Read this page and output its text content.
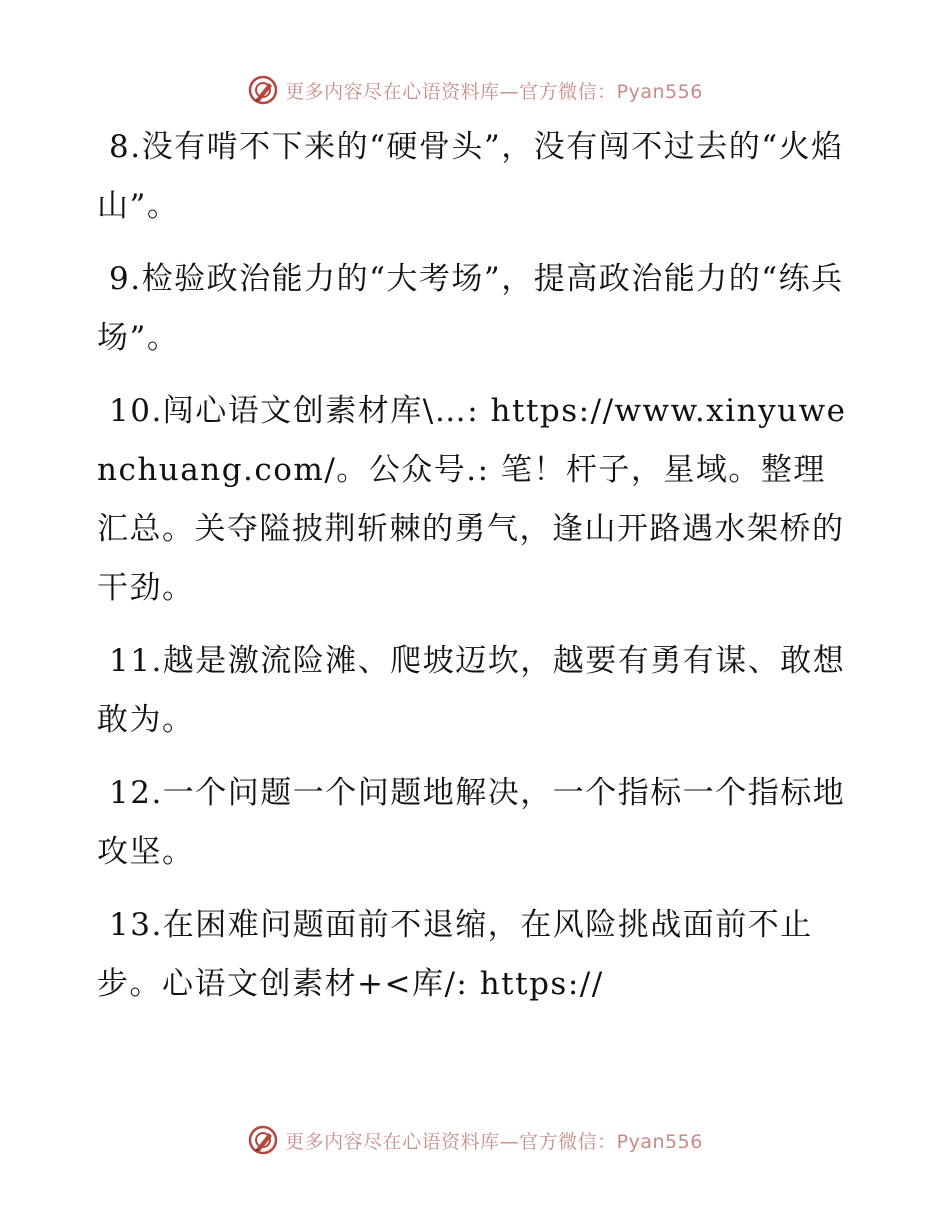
更多内容尽在心语资料库—官方微信：Pyan556

8.没有啃不下来的“硬骨头”，没有闯不过去的“火焰山”。

9.检验政治能力的“大考场”，提高政治能力的“练兵场”。

10.闯心语文创素材库\…: https://www.xinyuwenchuang.com/。公众号.: 笔！杆子，星域。整理汇总。关夺隘披荆斩棘的勇气，逢山开路遇水架桥的干劲。

11.越是激流险滩、爬坡迈坎，越要有勇有谋、敢想敢为。

12.一个问题一个问题地解决，一个指标一个指标地攻坚。

13.在困难问题面前不退缩，在风险挑战面前不止步。心语文创素材+<库/: https://

更多内容尽在心语资料库—官方微信：Pyan556
